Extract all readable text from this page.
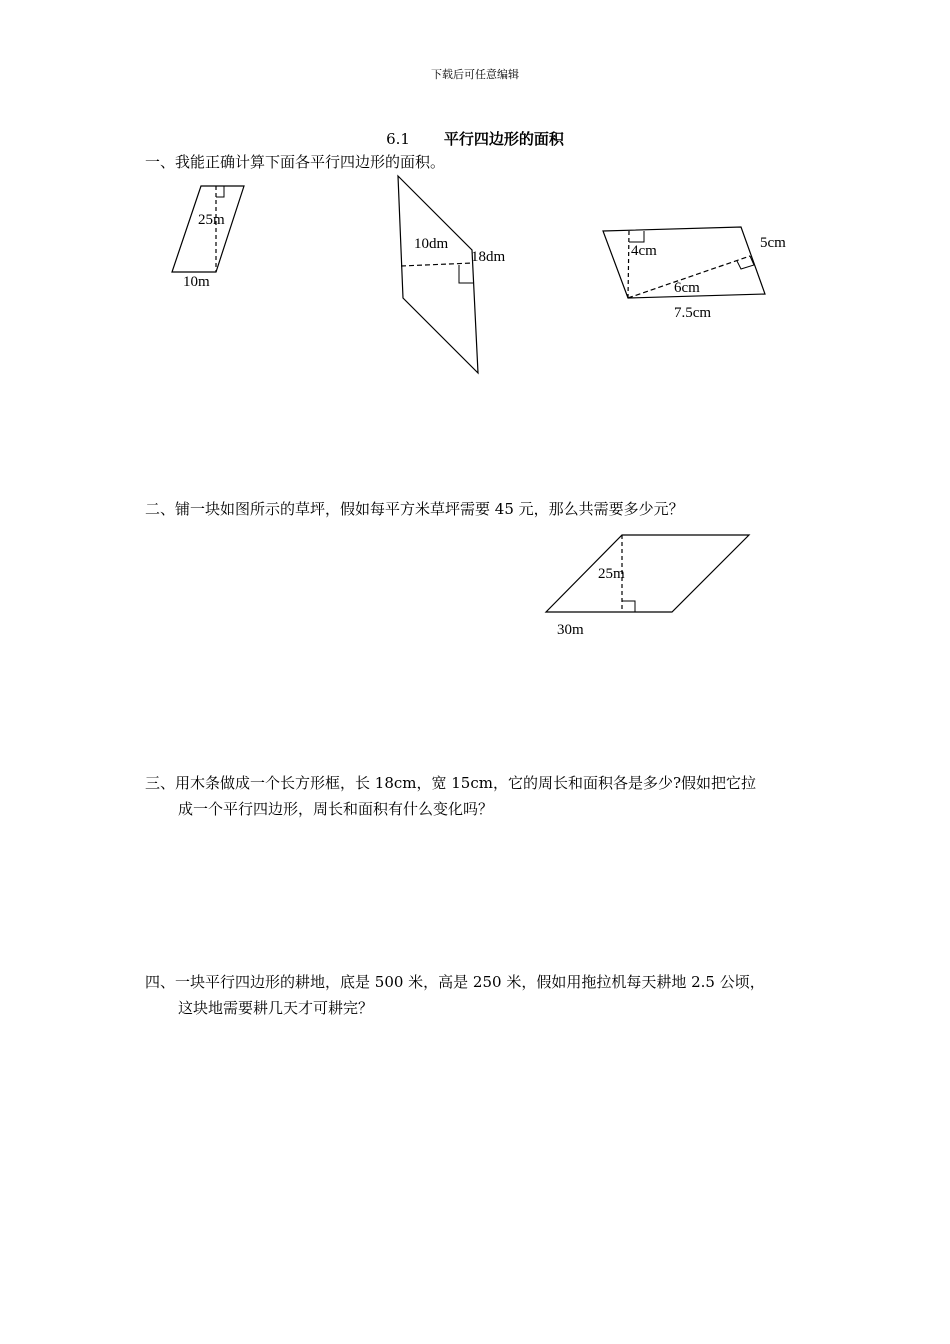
下载后可任意编辑
6.1 平行四边形的面积
一、我能正确计算下面各平行四边形的面积。
25m
10m
10dm
18dm	4cm	5cm
6cm
7.5cm
二、铺一块如图所示的草坪，假如每平方米草坪需要 45 元，那么共需要多少元？
25m
30m
三、用木条做成一个长方形框，长 18cm，宽 15cm，它的周长和面积各是多少?假如把它拉
成一个平行四边形，周长和面积有什么变化吗？
四、一块平行四边形的耕地，底是 500 米，高是 250 米，假如用拖拉机每天耕地 2.5 公顷，
这块地需要耕几天才可耕完？
